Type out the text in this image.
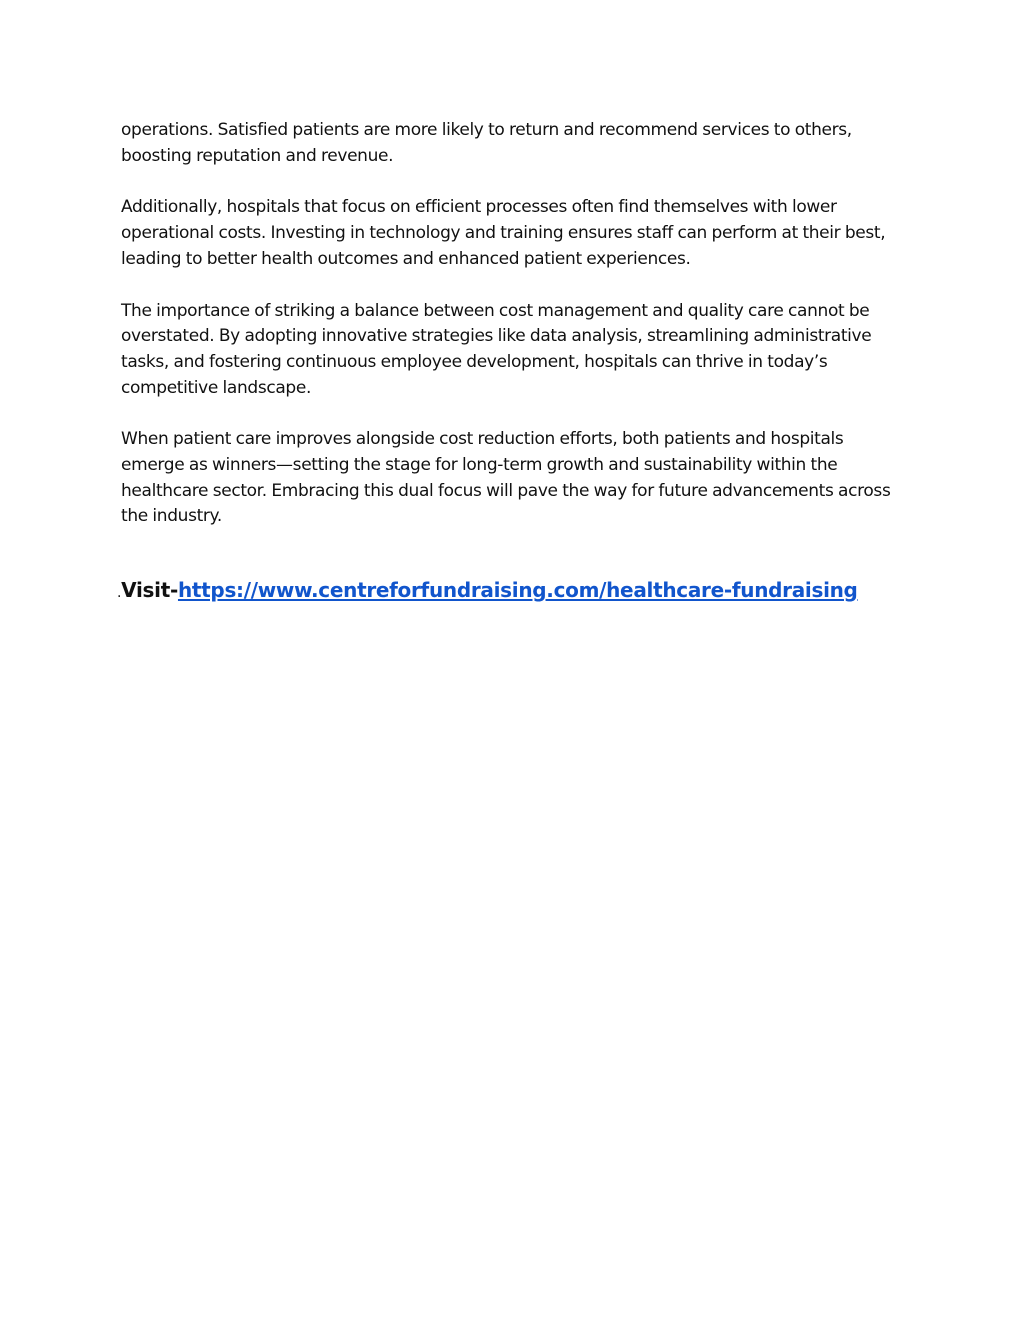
operations. Satisfied patients are more likely to return and recommend services to others, boosting reputation and revenue.

Additionally, hospitals that focus on efficient processes often find themselves with lower operational costs. Investing in technology and training ensures staff can perform at their best, leading to better health outcomes and enhanced patient experiences.

The importance of striking a balance between cost management and quality care cannot be overstated. By adopting innovative strategies like data analysis, streamlining administrative tasks, and fostering continuous employee development, hospitals can thrive in today’s competitive landscape.

When patient care improves alongside cost reduction efforts, both patients and hospitals emerge as winners—setting the stage for long-term growth and sustainability within the healthcare sector. Embracing this dual focus will pave the way for future advancements across the industry.

.Visit-https://www.centreforfundraising.com/healthcare-fundraising
